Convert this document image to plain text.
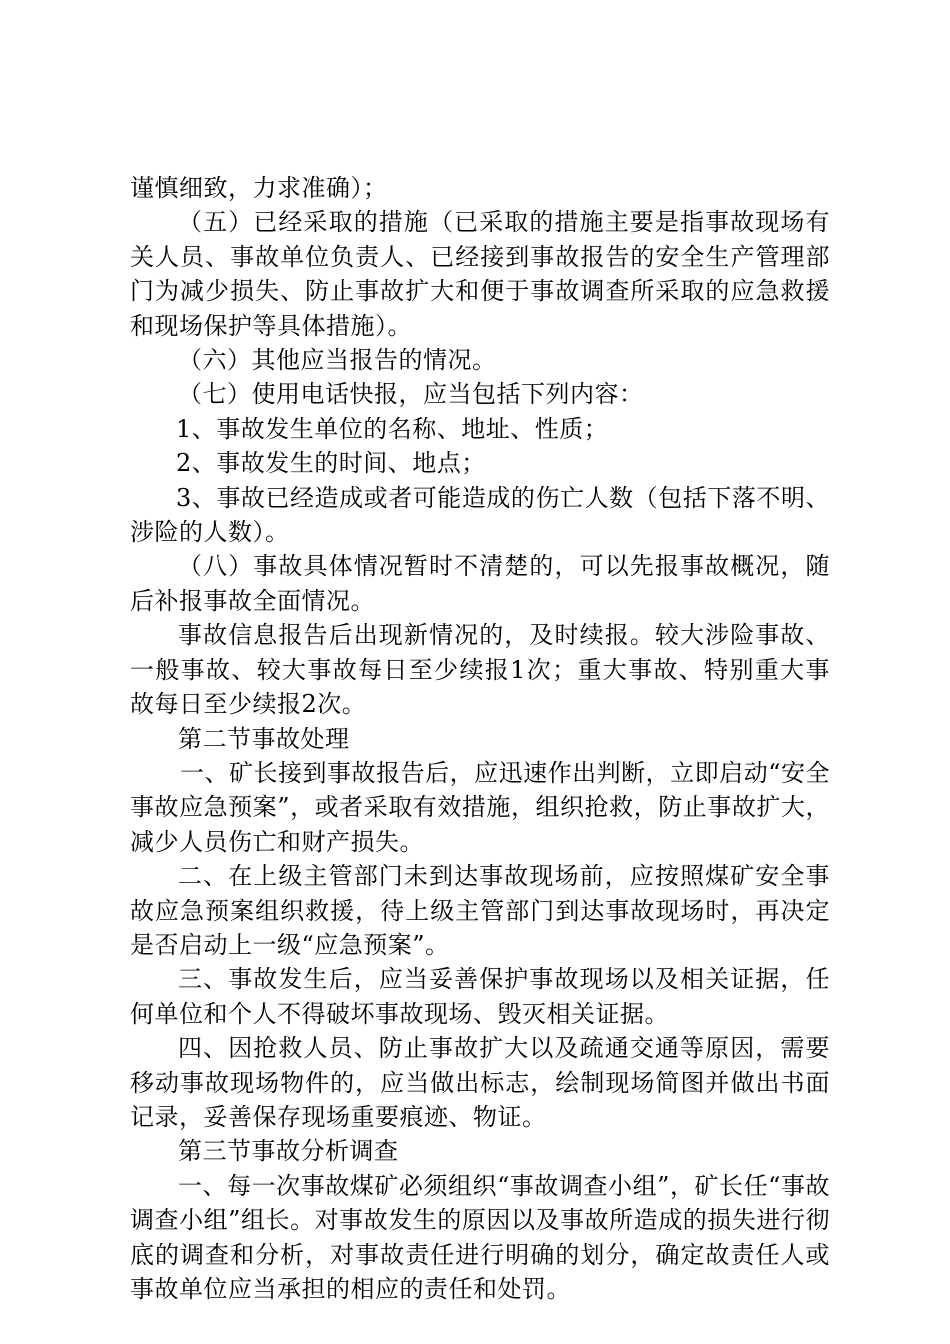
谨慎细致，力求准确）；

（五）已经采取的措施（已采取的措施主要是指事故现场有关人员、事故单位负责人、已经接到事故报告的安全生产管理部门为减少损失、防止事故扩大和便于事故调查所采取的应急救援和现场保护等具体措施）。

（六）其他应当报告的情况。

（七）使用电话快报，应当包括下列内容：

1、事故发生单位的名称、地址、性质；

2、事故发生的时间、地点；

3、事故已经造成或者可能造成的伤亡人数（包括下落不明、涉险的人数）。

（八）事故具体情况暂时不清楚的，可以先报事故概况，随后补报事故全面情况。

事故信息报告后出现新情况的，及时续报。较大涉险事故、一般事故、较大事故每日至少续报1次；重大事故、特别重大事故每日至少续报2次。

第二节事故处理

一、矿长接到事故报告后，应迅速作出判断，立即启动“安全事故应急预案”，或者采取有效措施，组织抢救，防止事故扩大，减少人员伤亡和财产损失。

二、在上级主管部门未到达事故现场前，应按照煤矿安全事故应急预案组织救援，待上级主管部门到达事故现场时，再决定是否启动上一级“应急预案”。

三、事故发生后，应当妥善保护事故现场以及相关证据，任何单位和个人不得破坏事故现场、毁灭相关证据。

四、因抢救人员、防止事故扩大以及疏通交通等原因，需要移动事故现场物件的，应当做出标志，绘制现场简图并做出书面记录，妥善保存现场重要痕迹、物证。

第三节事故分析调查

一、每一次事故煤矿必须组织“事故调查小组”，矿长任“事故调查小组”组长。对事故发生的原因以及事故所造成的损失进行彻底的调查和分析，对事故责任进行明确的划分，确定故责任人或事故单位应当承担的相应的责任和处罚。
